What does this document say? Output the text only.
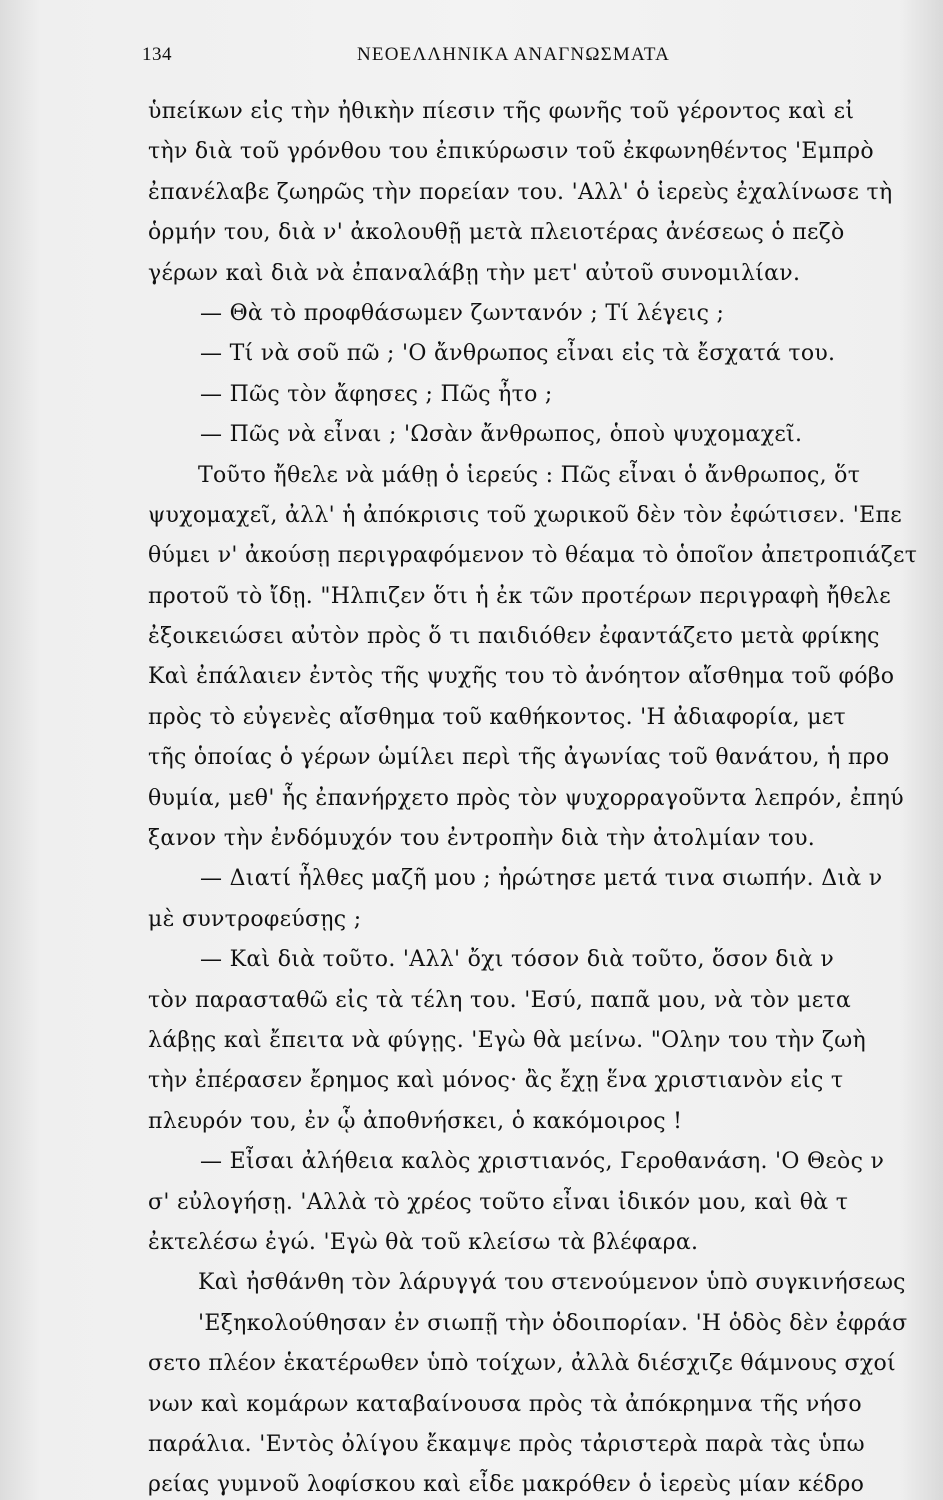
134	ΝΕΟΕΛΛΗΝΙΚΑ ΑΝΑΓΝΩΣΜΑΤΑ
ὑπείκων εἰς τὴν ἠθικὴν πίεσιν τῆς φωνῆς τοῦ γέροντος καὶ εἰ
τὴν διὰ τοῦ γρόνθου του ἐπικύρωσιν τοῦ ἐκφωνηθέντος 'Εμπρὸ
ἐπανέλαβε ζωηρῶς τὴν πορείαν του. 'Αλλ' ὁ ἱερεὺς ἐχαλίνωσε τὴ
ὁρμήν του, διὰ ν' ἀκολουθῇ μετὰ πλειοτέρας ἀνέσεως ὁ πεζὸ
γέρων καὶ διὰ νὰ ἐπαναλάβῃ τὴν μετ' αὐτοῦ συνομιλίαν.
— Θὰ τὸ προφθάσωμεν ζωντανόν ; Τί λέγεις ;
— Τί νὰ σοῦ πῶ ; 'Ο ἄνθρωπος εἶναι εἰς τὰ ἔσχατά του.
— Πῶς τὸν ἄφησες ; Πῶς ἦτο ;
— Πῶς νὰ εἶναι ; 'Ωσὰν ἄνθρωπος, ὁποὺ ψυχομαχεῖ.
Τοῦτο ἤθελε νὰ μάθῃ ὁ ἱερεύς : Πῶς εἶναι ὁ ἄνθρωπος, ὅτ
ψυχομαχεῖ, ἀλλ' ἡ ἀπόκρισις τοῦ χωρικοῦ δὲν τὸν ἐφώτισεν. 'Επε
θύμει ν' ἀκούσῃ περιγραφόμενον τὸ θέαμα τὸ ὁποῖον ἀπετροπιάζετ
προτοῦ τὸ ἴδῃ. "Ηλπιζεν ὅτι ἡ ἐκ τῶν προτέρων περιγραφὴ ἤθελε
ἐξοικειώσει αὐτὸν πρὸς ὅ τι παιδιόθεν ἐφαντάζετο μετὰ φρίκης
Καὶ ἐπάλαιεν ἐντὸς τῆς ψυχῆς του τὸ ἀνόητον αἴσθημα τοῦ φόβο
πρὸς τὸ εὐγενὲς αἴσθημα τοῦ καθήκοντος. 'Η ἀδιαφορία, μετ
τῆς ὁποίας ὁ γέρων ὡμίλει περὶ τῆς ἀγωνίας τοῦ θανάτου, ἡ προ
θυμία, μεθ' ἧς ἐπανήρχετο πρὸς τὸν ψυχορραγοῦντα λεπρόν, ἐπηύ
ξανον τὴν ἐνδόμυχόν του ἐντροπὴν διὰ τὴν ἀτολμίαν του.
— Διατί ἦλθες μαζῆ μου ; ἠρώτησε μετά τινα σιωπήν. Διὰ ν
μὲ συντροφεύσῃς ;
— Καὶ διὰ τοῦτο. 'Αλλ' ὄχι τόσον διὰ τοῦτο, ὅσον διὰ ν
τὸν παρασταθῶ εἰς τὰ τέλη του. 'Εσύ, παπᾶ μου, νὰ τὸν μετα
λάβῃς καὶ ἔπειτα νὰ φύγῃς. 'Εγὼ θὰ μείνω. "Ολην του τὴν ζωὴ
τὴν ἐπέρασεν ἔρημος καὶ μόνος· ἂς ἔχῃ ἕνα χριστιανὸν εἰς τ
πλευρόν του, ἐν ᾧ ἀποθνήσκει, ὁ κακόμοιρος !
— Εἶσαι ἀλήθεια καλὸς χριστιανός, Γεροθανάση. 'Ο Θεὸς ν
σ' εὐλογήσῃ. 'Αλλὰ τὸ χρέος τοῦτο εἶναι ἰδικόν μου, καὶ θὰ τ
ἐκτελέσω ἐγώ. 'Εγὼ θὰ τοῦ κλείσω τὰ βλέφαρα.
Καὶ ἠσθάνθη τὸν λάρυγγά του στενούμενον ὑπὸ συγκινήσεως
'Εξηκολούθησαν ἐν σιωπῇ τὴν ὁδοιπορίαν. 'Η ὁδὸς δὲν ἐφράσ
σετο πλέον ἑκατέρωθεν ὑπὸ τοίχων, ἀλλὰ διέσχιζε θάμνους σχοί
νων καὶ κομάρων καταβαίνουσα πρὸς τὰ ἀπόκρημνα τῆς νήσο
παράλια. 'Εντὸς ὀλίγου ἔκαμψε πρὸς τἀριστερὰ παρὰ τὰς ὑπω
ρείας γυμνοῦ λοφίσκου καὶ εἶδε μακρόθεν ὁ ἱερεὺς μίαν κέδρο
